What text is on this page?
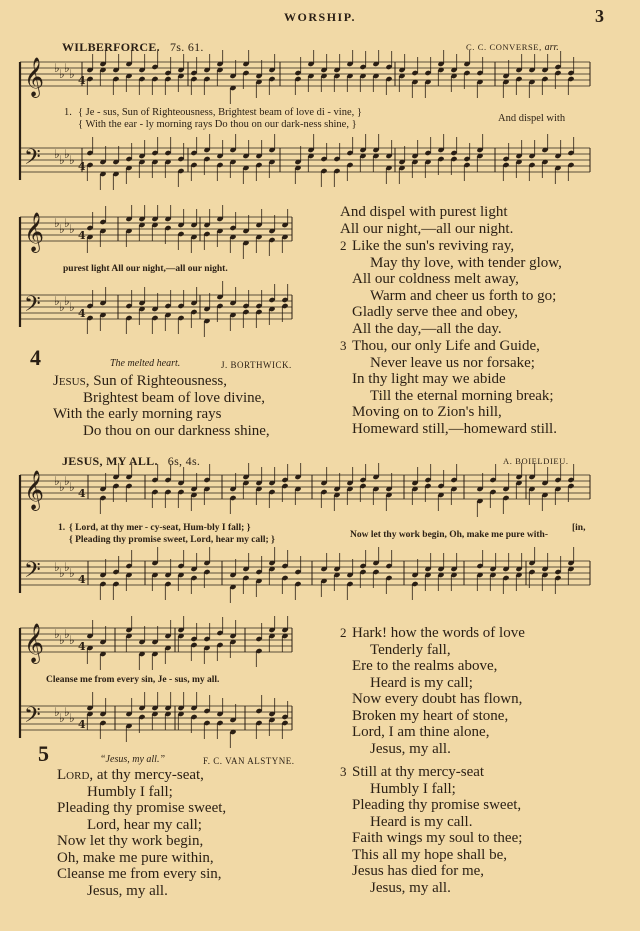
WORSHIP.	3
WILBERFORCE. 7s. 61.	C. C. CONVERSE, arr.
𝄞 ♭ ♭ ♭ ♭ 4
𝄢 ♭ ♭ ♭ ♭ 4
1. { Je - sus, Sun of Righteousness, Brightest beam of love di - vine, }
{ With the ear - ly morning rays Do thou on our dark-ness shine, }
And dispel with
𝄞 ♭ ♭ ♭ ♭ 4
𝄢 ♭ ♭ ♭ ♭ 4
purest light All our night,—all our night.
4	The melted heart.	J. BORTHWICK.
Jesus, Sun of Righteousness,
Brightest beam of love divine,
With the early morning rays
Do thou on our darkness shine,
And dispel with purest light
All our night,—all our night.
2 Like the sun's reviving ray,
May thy love, with tender glow,
All our coldness melt away,
Warm and cheer us forth to go;
Gladly serve thee and obey,
All the day,—all the day.
3 Thou, our only Life and Guide,
Never leave us nor forsake;
In thy light may we abide
Till the eternal morning break;
Moving on to Zion's hill,
Homeward still,—homeward still.
JESUS, MY ALL. 6s, 4s.	A. BOIELDIEU.
𝄞 ♭ ♭ ♭ ♭ 4
𝄢 ♭ ♭ ♭ ♭ 4
1. { Lord, at thy mer - cy-seat, Hum-bly I fall; }
{ Pleading thy promise sweet, Lord, hear my call; }	Now let thy work begin, Oh, make me pure with-
[in,
𝄞 ♭ ♭ ♭ ♭ 4
𝄢 ♭ ♭ ♭ ♭ 4
Cleanse me from every sin, Je - sus, my all.
5	“Jesus, my all.”	F. C. VAN ALSTYNE.
Lord, at thy mercy-seat,
Humbly I fall;
Pleading thy promise sweet,
Lord, hear my call;
Now let thy work begin,
Oh, make me pure within,
Cleanse me from every sin,
Jesus, my all.
2 Hark! how the words of love
Tenderly fall,
Ere to the realms above,
Heard is my call;
Now every doubt has flown,
Broken my heart of stone,
Lord, I am thine alone,
Jesus, my all.
3 Still at thy mercy-seat
Humbly I fall;
Pleading thy promise sweet,
Heard is my call.
Faith wings my soul to thee;
This all my hope shall be,
Jesus has died for me,
Jesus, my all.
